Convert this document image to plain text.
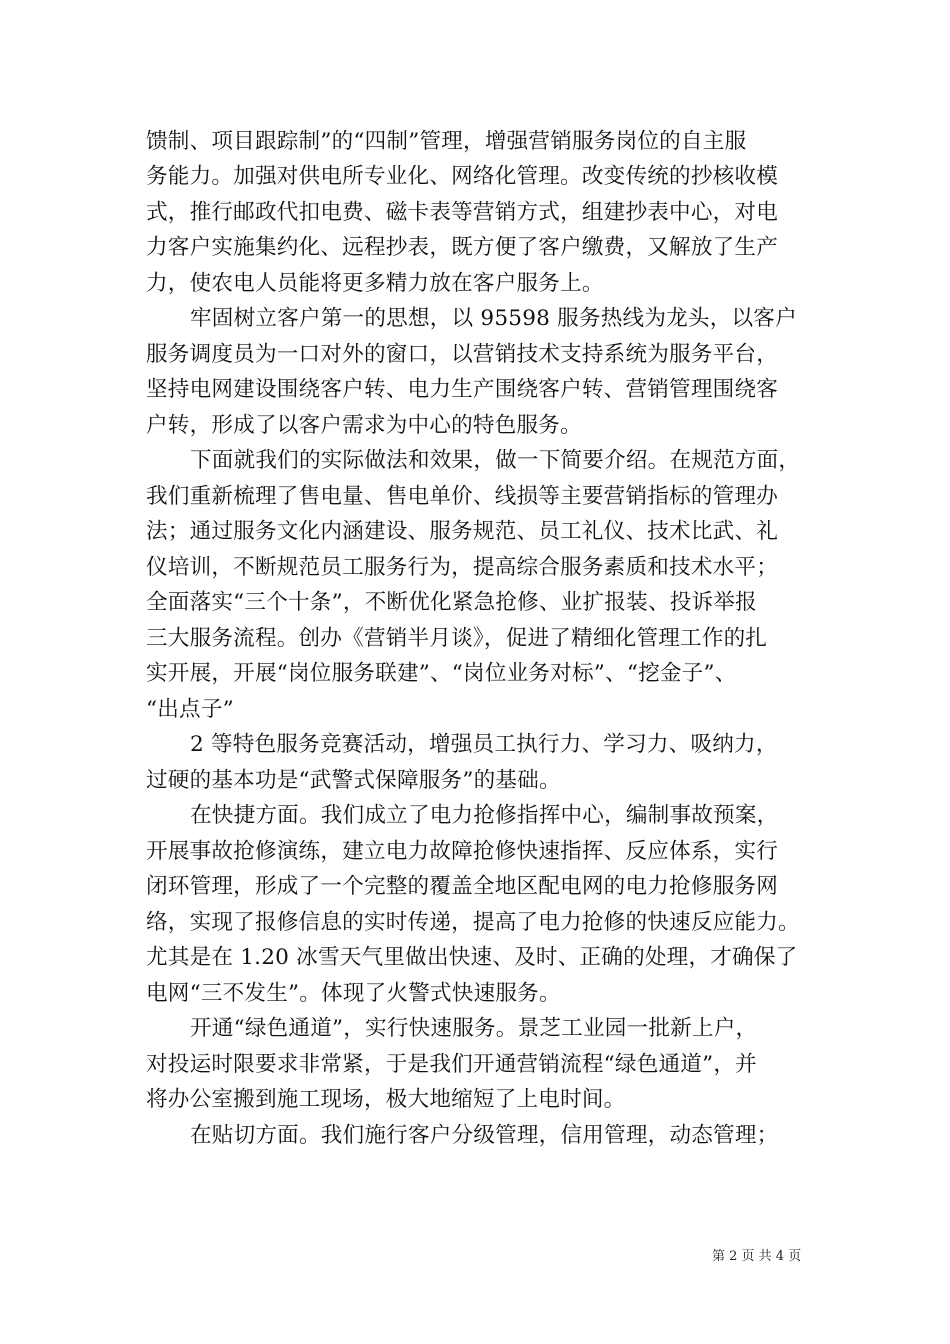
馈制、项目跟踪制”的“四制”管理，增强营销服务岗位的自主服
务能力。加强对供电所专业化、网络化管理。改变传统的抄核收模
式，推行邮政代扣电费、磁卡表等营销方式，组建抄表中心，对电
力客户实施集约化、远程抄表，既方便了客户缴费，又解放了生产
力，使农电人员能将更多精力放在客户服务上。
牢固树立客户第一的思想，以 95598 服务热线为龙头，以客户
服务调度员为一口对外的窗口，以营销技术支持系统为服务平台，
坚持电网建设围绕客户转、电力生产围绕客户转、营销管理围绕客
户转，形成了以客户需求为中心的特色服务。
下面就我们的实际做法和效果，做一下简要介绍。在规范方面，
我们重新梳理了售电量、售电单价、线损等主要营销指标的管理办
法；通过服务文化内涵建设、服务规范、员工礼仪、技术比武、礼
仪培训，不断规范员工服务行为，提高综合服务素质和技术水平；
全面落实“三个十条”，不断优化紧急抢修、业扩报装、投诉举报
三大服务流程。创办《营销半月谈》，促进了精细化管理工作的扎
实开展，开展“岗位服务联建”、“岗位业务对标”、“挖金子”、
“出点子”
2 等特色服务竞赛活动，增强员工执行力、学习力、吸纳力，
过硬的基本功是“武警式保障服务”的基础。
在快捷方面。我们成立了电力抢修指挥中心，编制事故预案，
开展事故抢修演练，建立电力故障抢修快速指挥、反应体系，实行
闭环管理，形成了一个完整的覆盖全地区配电网的电力抢修服务网
络，实现了报修信息的实时传递，提高了电力抢修的快速反应能力。
尤其是在 1.20 冰雪天气里做出快速、及时、正确的处理，才确保了
电网“三不发生”。体现了火警式快速服务。
开通“绿色通道”，实行快速服务。景芝工业园一批新上户，
对投运时限要求非常紧，于是我们开通营销流程“绿色通道”，并
将办公室搬到施工现场，极大地缩短了上电时间。
在贴切方面。我们施行客户分级管理，信用管理，动态管理；
第 2 页 共 4 页
